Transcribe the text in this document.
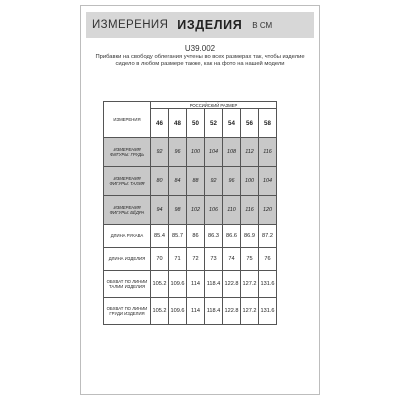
ИЗМЕРЕНИЯ ИЗДЕЛИЯ В СМ
U39.002
Прибавки на свободу облегания учтены во всех размерах так, чтобы изделие сидело в любом размере также, как на фото на нашей модели
ИЗМЕРЕНИЯ	РОССИЙСКИЙ РАЗМЕР						
	46	48	50	52	54	56	58
ИЗМЕРЕНИЯ ФИГУРЫ: ГРУДЬ	92	96	100	104	108	112	116
ИЗМЕРЕНИЯ ФИГУРЫ: ТАЛИЯ	80	84	88	92	96	100	104
ИЗМЕРЕНИЯ ФИГУРЫ: БЁДРА	94	98	102	106	110	116	120
ДЛИНА РУКАВА	85.4	85.7	86	86.3	86.6	86.9	87.2
ДЛИНА ИЗДЕЛИЯ	70	71	72	73	74	75	76
ОБХВАТ ПО ЛИНИИ ТАЛИИ ИЗДЕЛИЯ	105.2	109.6	114	118.4	122.8	127.2	131.6
ОБХВАТ ПО ЛИНИИ ГРУДИ ИЗДЕЛИЯ	105.2	109.6	114	118.4	122.8	127.2	131.6
